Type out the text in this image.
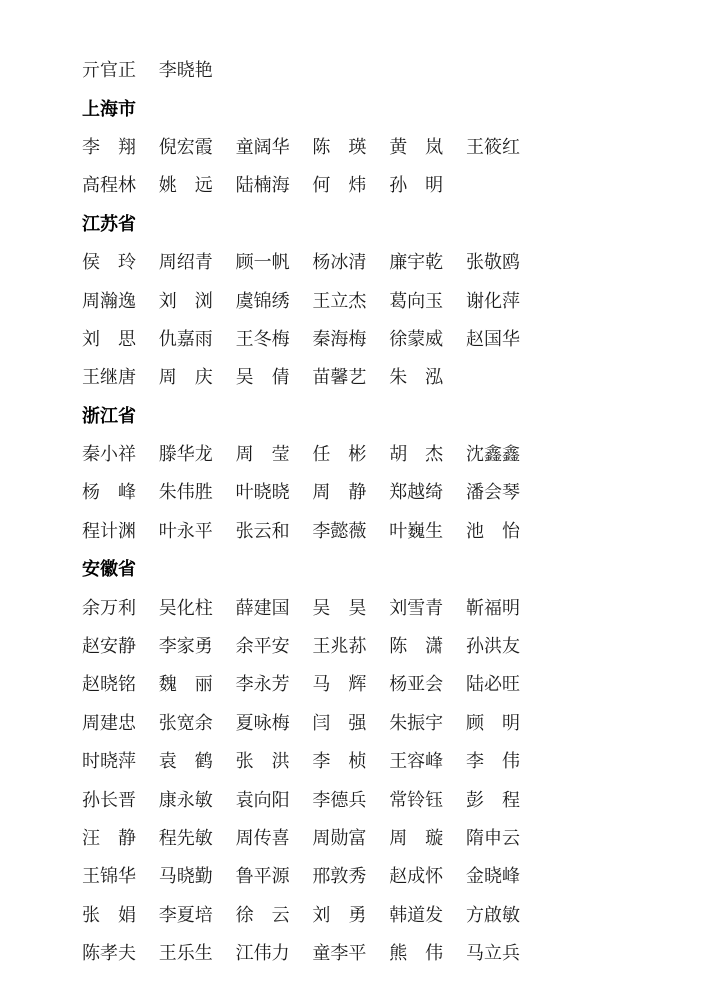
亓官正	李晓艳
上海市
李　翔	倪宏霞	童阔华	陈　瑛	黄　岚	王筱红
高程林	姚　远	陆楠海	何　炜	孙　明
江苏省
侯　玲	周绍青	顾一帆	杨冰清	廉宇乾	张敬鸥
周瀚逸	刘　浏	虞锦绣	王立杰	葛向玉	谢化萍
刘　思	仇嘉雨	王冬梅	秦海梅	徐蒙威	赵国华
王继唐	周　庆	吴　倩	苗馨艺	朱　泓
浙江省
秦小祥	滕华龙	周　莹	任　彬	胡　杰	沈鑫鑫
杨　峰	朱伟胜	叶晓晓	周　静	郑越绮	潘会琴
程计渊	叶永平	张云和	李懿薇	叶巍生	池　怡
安徽省
余万利	吴化柱	薛建国	吴　昊	刘雪青	靳福明
赵安静	李家勇	余平安	王兆荪	陈　潇	孙洪友
赵晓铭	魏　丽	李永芳	马　辉	杨亚会	陆必旺
周建忠	张宽余	夏咏梅	闫　强	朱振宇	顾　明
时晓萍	袁　鹤	张　洪	李　桢	王容峰	李　伟
孙长晋	康永敏	袁向阳	李德兵	常铃钰	彭　程
汪　静	程先敏	周传喜	周勋富	周　璇	隋申云
王锦华	马晓勤	鲁平源	邢敦秀	赵成怀	金晓峰
张　娟	李夏培	徐　云	刘　勇	韩道发	方啟敏
陈孝夫	王乐生	江伟力	童李平	熊　伟	马立兵
